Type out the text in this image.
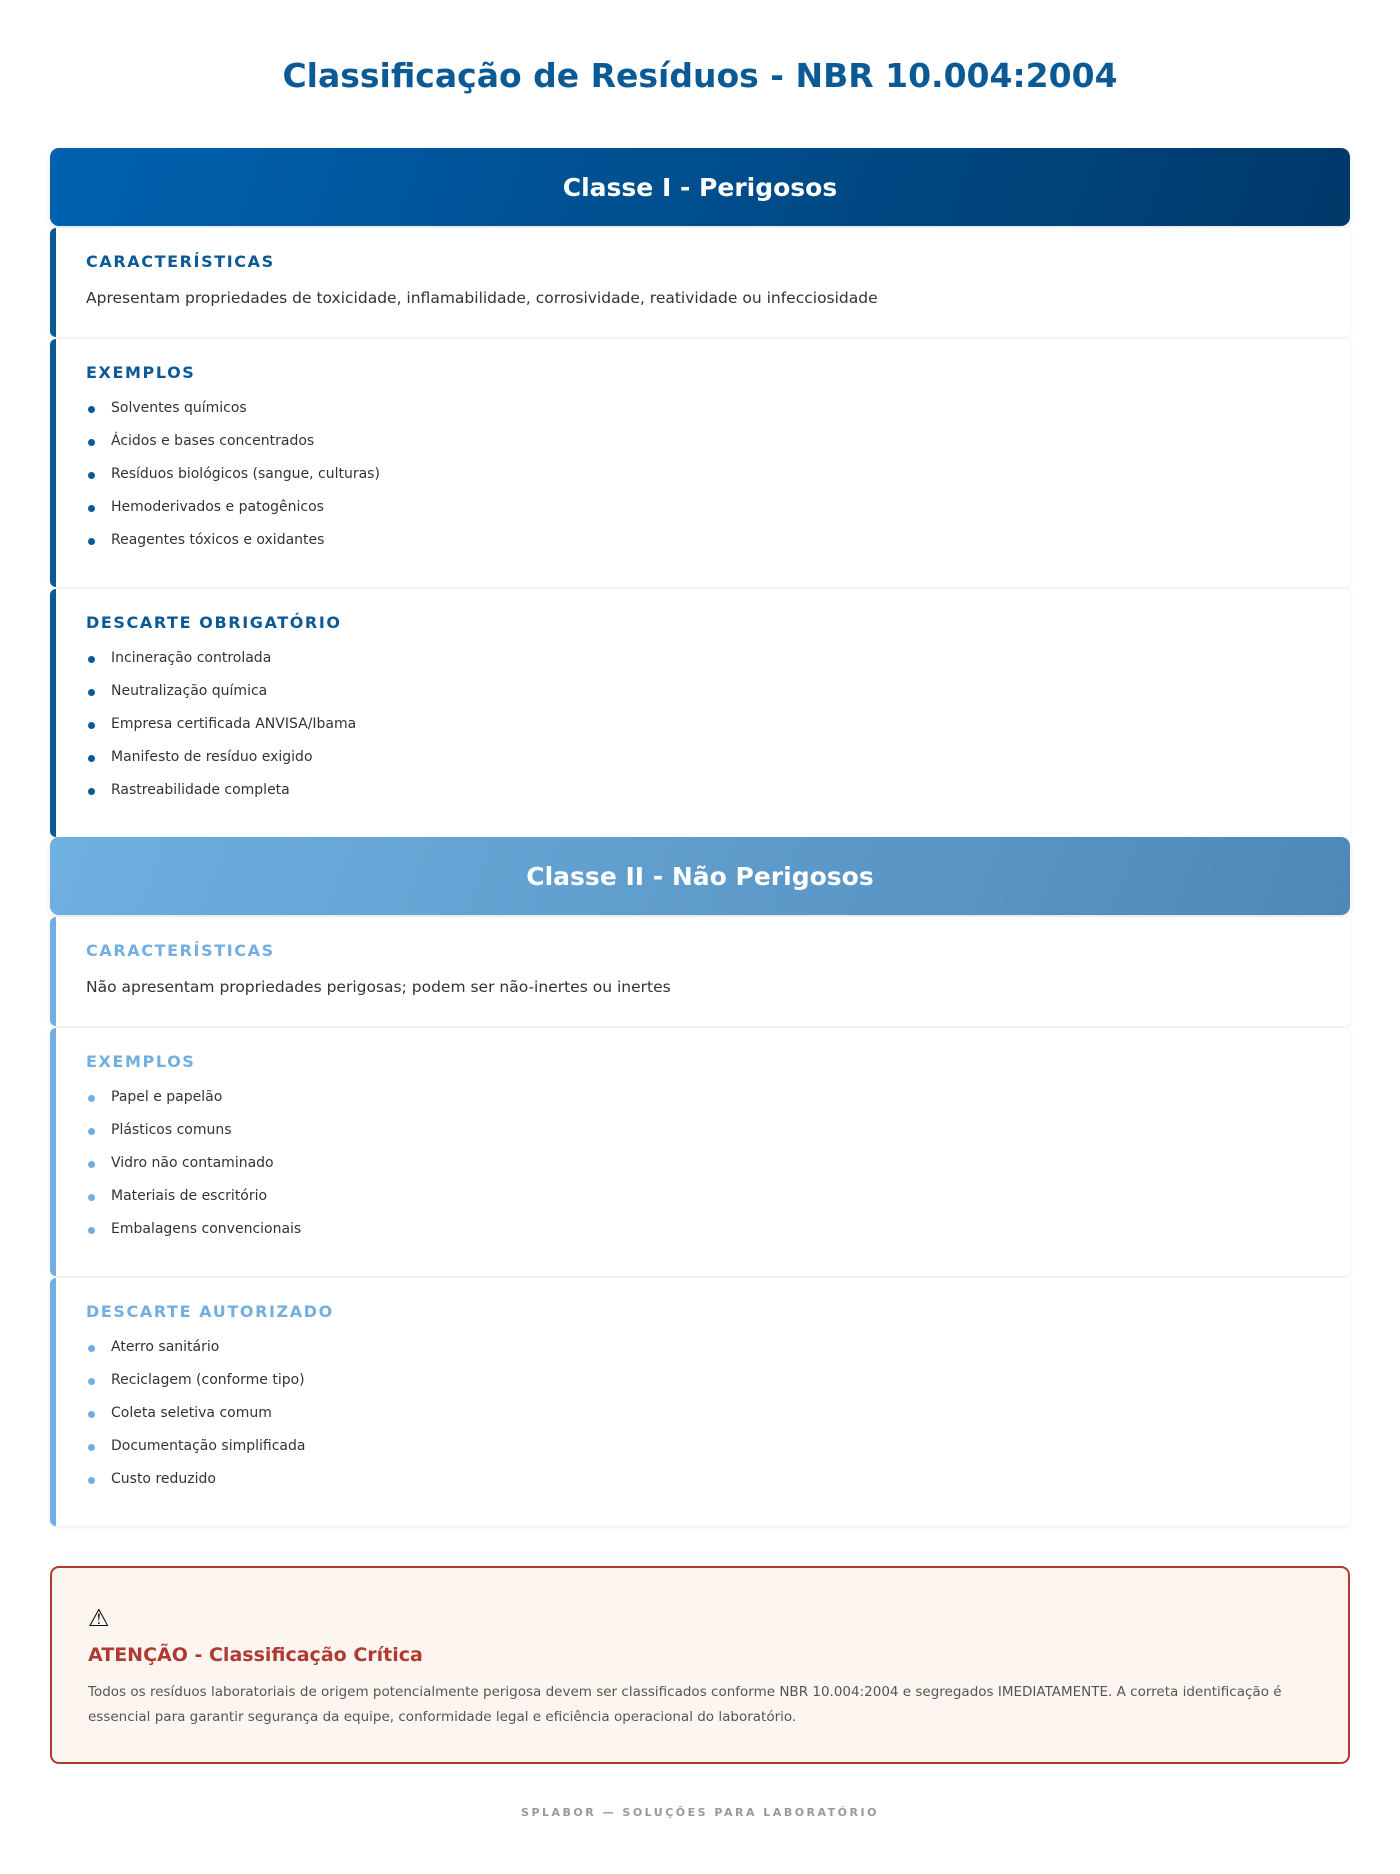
Classificação de Resíduos - NBR 10.004:2004
Classe I - Perigosos
CARACTERÍSTICAS
Apresentam propriedades de toxicidade, inflamabilidade, corrosividade, reatividade ou infecciosidade
EXEMPLOS
Solventes químicos
Ácidos e bases concentrados
Resíduos biológicos (sangue, culturas)
Hemoderivados e patogênicos
Reagentes tóxicos e oxidantes
DESCARTE OBRIGATÓRIO
Incineração controlada
Neutralização química
Empresa certificada ANVISA/Ibama
Manifesto de resíduo exigido
Rastreabilidade completa
Classe II - Não Perigosos
CARACTERÍSTICAS
Não apresentam propriedades perigosas; podem ser não-inertes ou inertes
EXEMPLOS
Papel e papelão
Plásticos comuns
Vidro não contaminado
Materiais de escritório
Embalagens convencionais
DESCARTE AUTORIZADO
Aterro sanitário
Reciclagem (conforme tipo)
Coleta seletiva comum
Documentação simplificada
Custo reduzido
⚠
ATENÇÃO - Classificação Crítica

Todos os resíduos laboratoriais de origem potencialmente perigosa devem ser classificados conforme NBR 10.004:2004 e segregados IMEDIATAMENTE. A correta identificação é essencial para garantir segurança da equipe, conformidade legal e eficiência operacional do laboratório.

SPLABOR — SOLUÇÕES PARA LABORATÓRIO
